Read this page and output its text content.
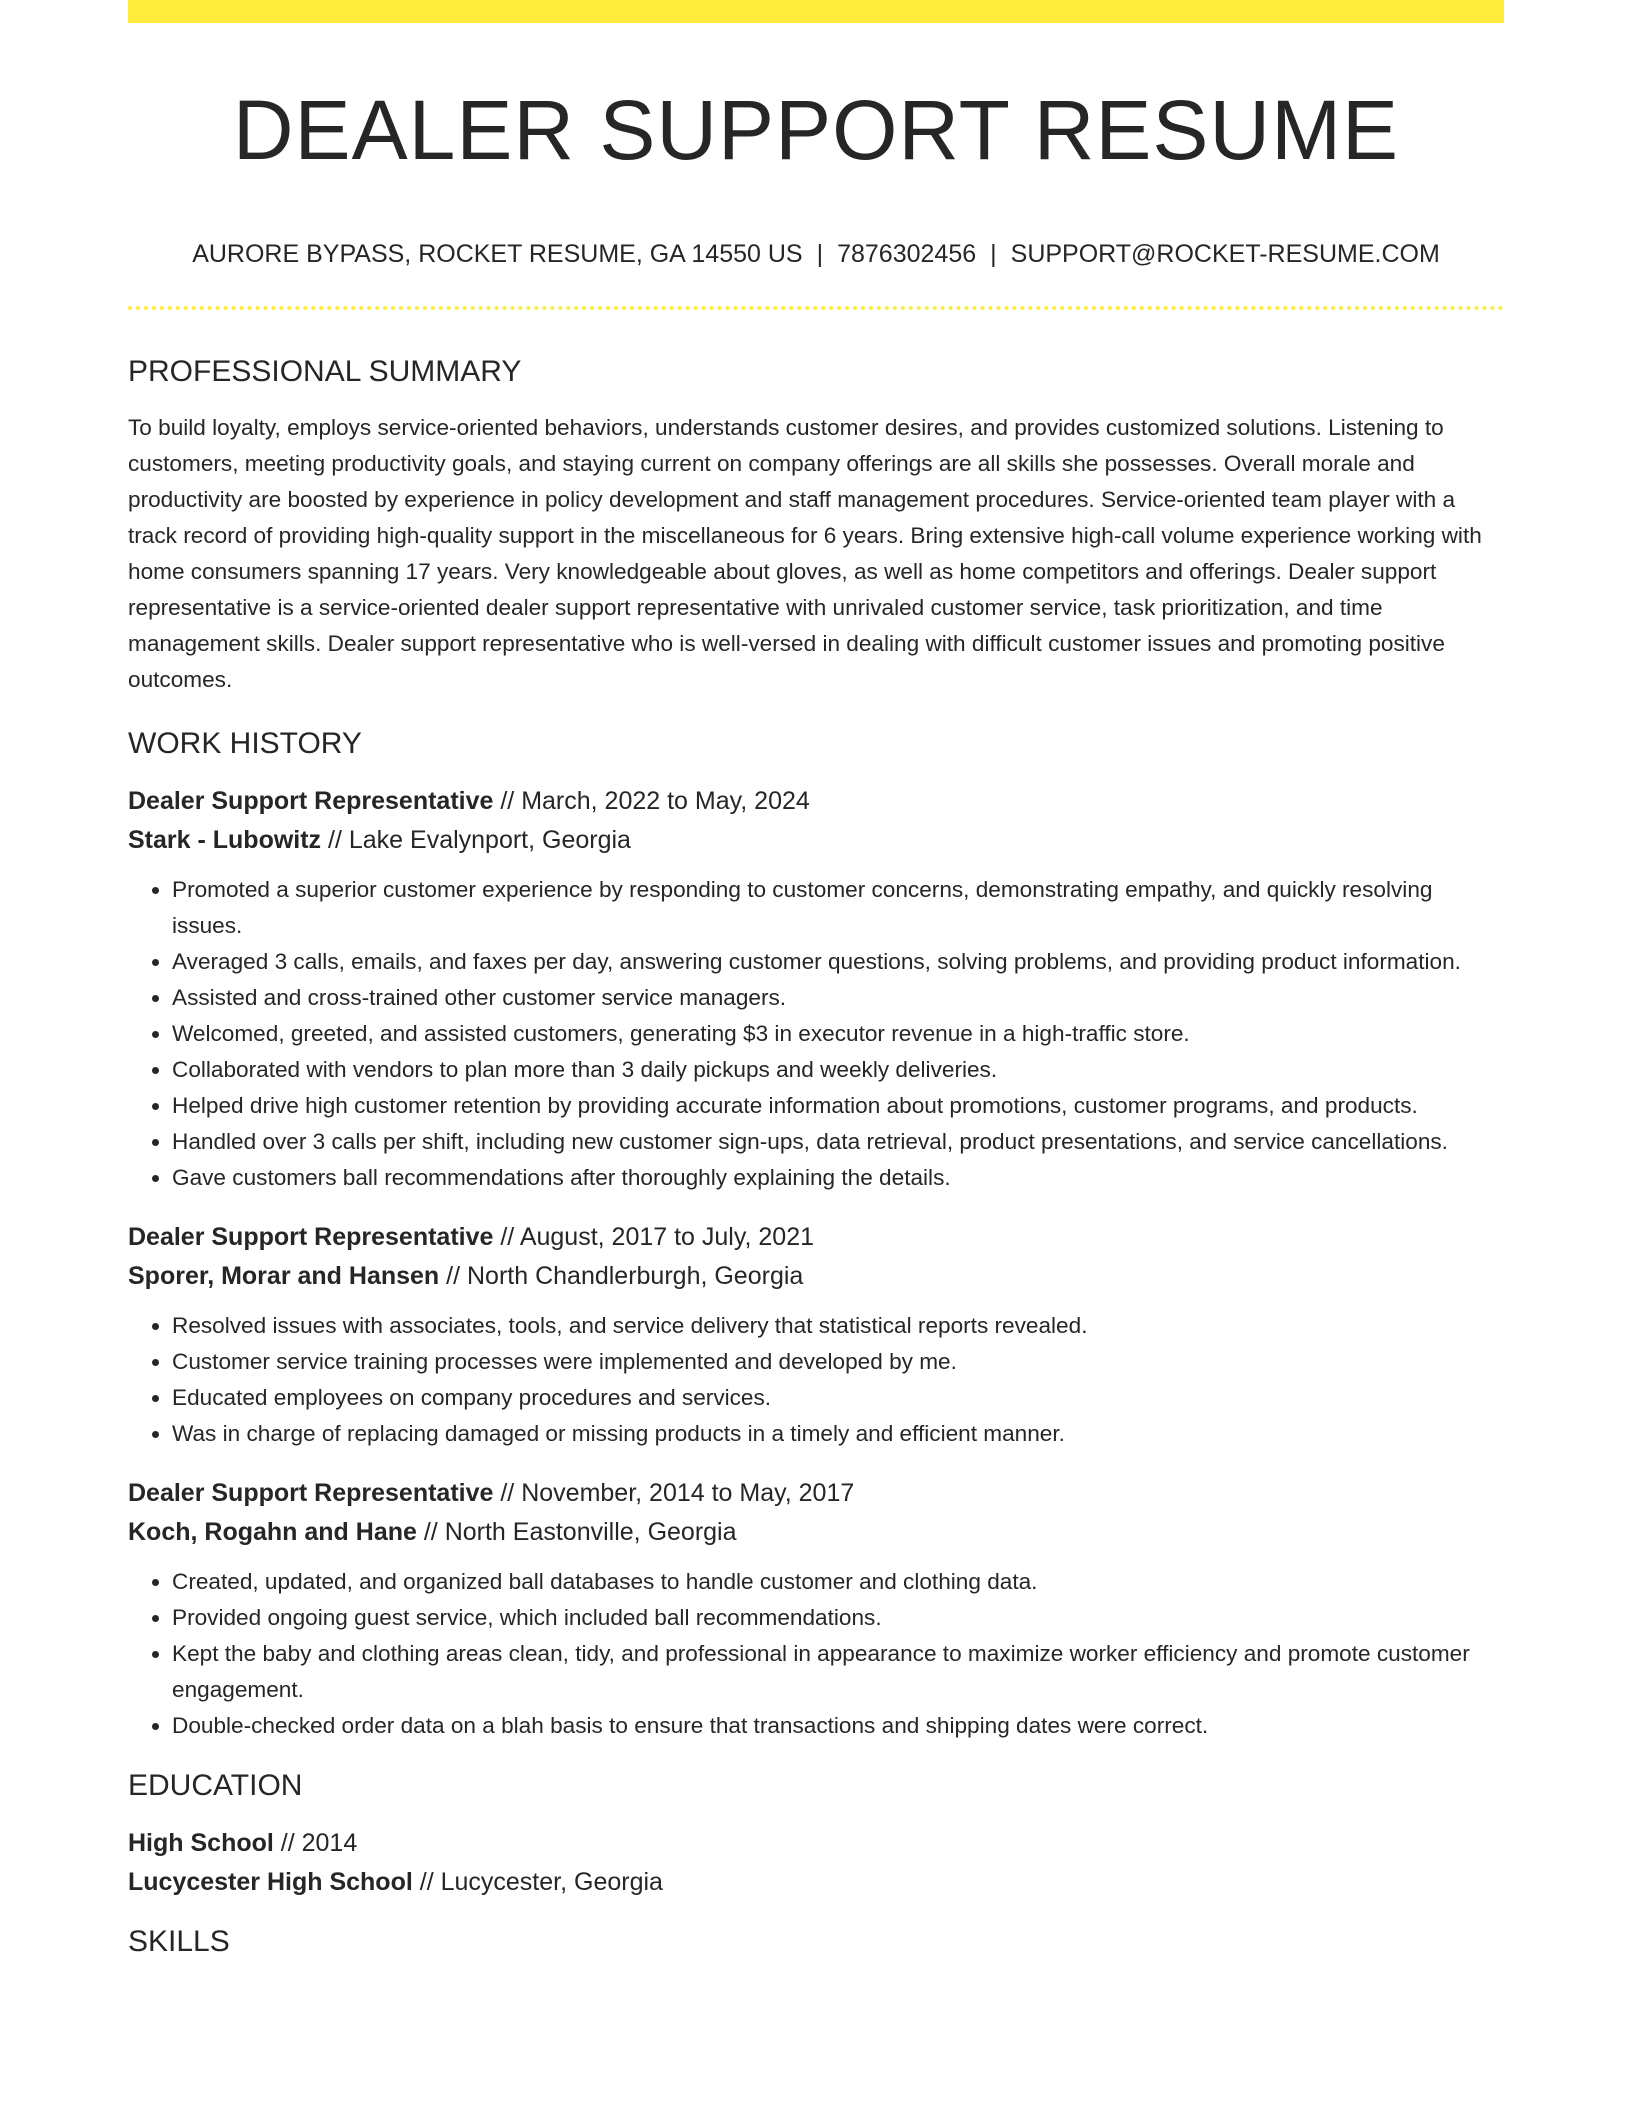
DEALER SUPPORT RESUME
AURORE BYPASS, ROCKET RESUME, GA 14550 US | 7876302456 | SUPPORT@ROCKET-RESUME.COM
PROFESSIONAL SUMMARY

To build loyalty, employs service-oriented behaviors, understands customer desires, and provides customized solutions. Listening to customers, meeting productivity goals, and staying current on company offerings are all skills she possesses. Overall morale and productivity are boosted by experience in policy development and staff management procedures. Service-oriented team player with a track record of providing high-quality support in the miscellaneous for 6 years. Bring extensive high-call volume experience working with home consumers spanning 17 years. Very knowledgeable about gloves, as well as home competitors and offerings. Dealer support representative is a service-oriented dealer support representative with unrivaled customer service, task prioritization, and time management skills. Dealer support representative who is well-versed in dealing with difficult customer issues and promoting positive outcomes.

WORK HISTORY

Dealer Support Representative // March, 2022 to May, 2024

Stark - Lubowitz // Lake Evalynport, Georgia

• Promoted a superior customer experience by responding to customer concerns, demonstrating empathy, and quickly resolving issues.
• Averaged 3 calls, emails, and faxes per day, answering customer questions, solving problems, and providing product information.
• Assisted and cross-trained other customer service managers.
• Welcomed, greeted, and assisted customers, generating $3 in executor revenue in a high-traffic store.
• Collaborated with vendors to plan more than 3 daily pickups and weekly deliveries.
• Helped drive high customer retention by providing accurate information about promotions, customer programs, and products.
• Handled over 3 calls per shift, including new customer sign-ups, data retrieval, product presentations, and service cancellations.
• Gave customers ball recommendations after thoroughly explaining the details.

Dealer Support Representative // August, 2017 to July, 2021

Sporer, Morar and Hansen // North Chandlerburgh, Georgia

• Resolved issues with associates, tools, and service delivery that statistical reports revealed.
• Customer service training processes were implemented and developed by me.
• Educated employees on company procedures and services.
• Was in charge of replacing damaged or missing products in a timely and efficient manner.

Dealer Support Representative // November, 2014 to May, 2017

Koch, Rogahn and Hane // North Eastonville, Georgia

• Created, updated, and organized ball databases to handle customer and clothing data.
• Provided ongoing guest service, which included ball recommendations.
• Kept the baby and clothing areas clean, tidy, and professional in appearance to maximize worker efficiency and promote customer engagement.
• Double-checked order data on a blah basis to ensure that transactions and shipping dates were correct.
EDUCATION

High School // 2014

Lucycester High School // Lucycester, Georgia

SKILLS
